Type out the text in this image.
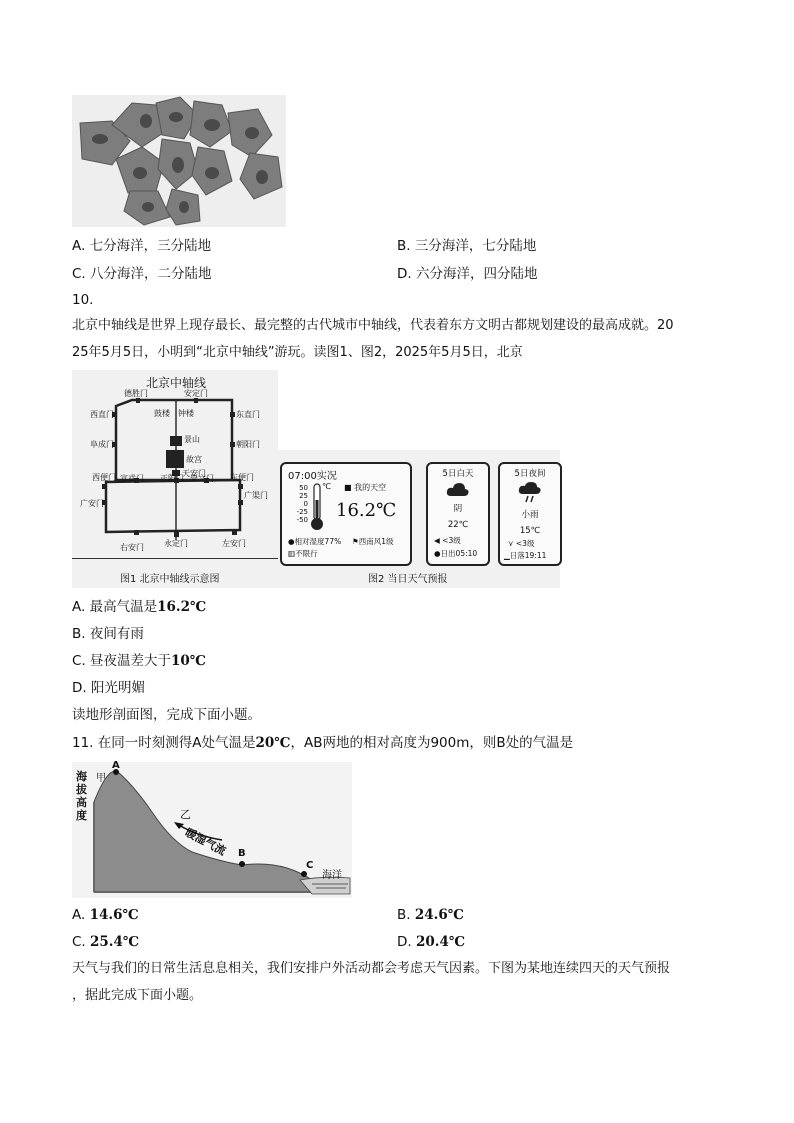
A. 七分海洋，三分陆地	B. 三分海洋，七分陆地
C. 八分海洋，二分陆地	D. 六分海洋，四分陆地
10.
北京中轴线是世界上现存最长、最完整的古代城市中轴线，代表着东方文明古都规划建设的最高成就。20
25年5月5日，小明到“北京中轴线”游玩。读图1、图2，2025年5月5日，北京
北京中轴线
德胜门	安定门
鼓楼 钟楼
西直门	东直门
阜成门	朝阳门
景山
故宫
天安门
宣武门 正阳门 崇文门
西便门	东便门
广安门
广渠门
右安门	永定门	左安门
图1 北京中轴线示意图
07:00实况
50
25
0
-25
-50
℃ ■ 我的天空
16.2℃
●相对湿度77% ⚑西南风1级
▥不限行
5日白天
阴
22℃
◀ <3级
●日出05:10
5日夜间
小雨
15℃
⋎ <3级
▁日落19:11
图2 当日天气预报
A. 最高气温是16.2℃
B. 夜间有雨
C. 昼夜温差大于10℃
D. 阳光明媚
读地形剖面图，完成下面小题。
11. 在同一时刻测得A处气温是20℃，AB两地的相对高度为900m，则B处的气温是
海
拔
高
度
A
甲
乙
暖湿气流 B
C
海洋
A. 14.6℃	B. 24.6℃
C. 25.4℃	D. 20.4℃
天气与我们的日常生活息息相关，我们安排户外活动都会考虑天气因素。下图为某地连续四天的天气预报
，据此完成下面小题。
